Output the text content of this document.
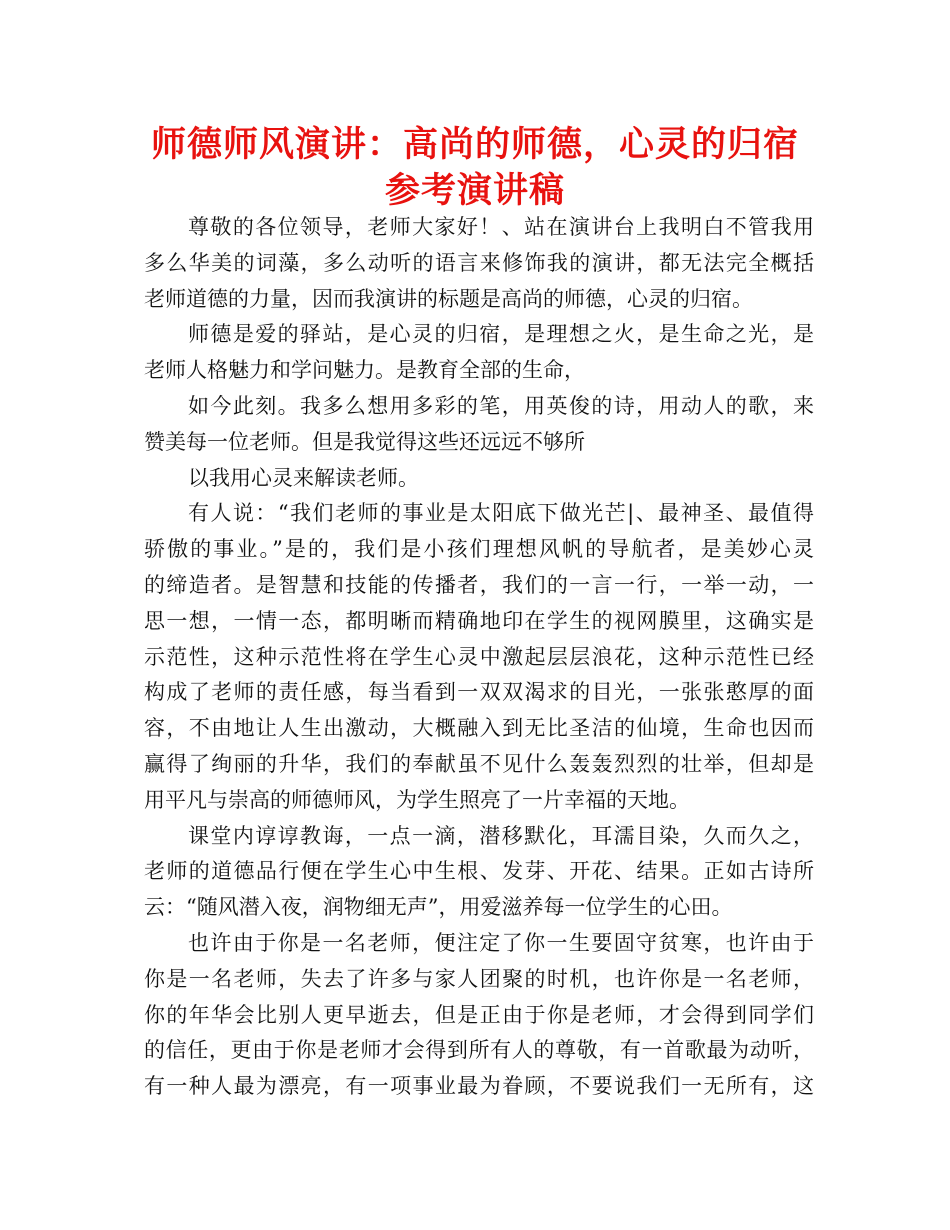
师德师风演讲：高尚的师德，心灵的归宿
参考演讲稿
尊敬的各位领导，老师大家好！、站在演讲台上我明白不管我用
多么华美的词藻，多么动听的语言来修饰我的演讲，都无法完全概括
老师道德的力量，因而我演讲的标题是高尚的师德，心灵的归宿。
师德是爱的驿站，是心灵的归宿，是理想之火，是生命之光，是
老师人格魅力和学问魅力。是教育全部的生命，
如今此刻。我多么想用多彩的笔，用英俊的诗，用动人的歌，来
赞美每一位老师。但是我觉得这些还远远不够所
以我用心灵来解读老师。
有人说：“我们老师的事业是太阳底下做光芒|、最神圣、最值得
骄傲的事业。”是的，我们是小孩们理想风帆的导航者，是美妙心灵
的缔造者。是智慧和技能的传播者，我们的一言一行，一举一动，一
思一想，一情一态，都明晰而精确地印在学生的视网膜里，这确实是
示范性，这种示范性将在学生心灵中激起层层浪花，这种示范性已经
构成了老师的责任感，每当看到一双双渴求的目光，一张张憨厚的面
容，不由地让人生出激动，大概融入到无比圣洁的仙境，生命也因而
赢得了绚丽的升华，我们的奉献虽不见什么轰轰烈烈的壮举，但却是
用平凡与崇高的师德师风，为学生照亮了一片幸福的天地。
课堂内谆谆教诲，一点一滴，潜移默化，耳濡目染，久而久之，
老师的道德品行便在学生心中生根、发芽、开花、结果。正如古诗所
云：“随风潜入夜，润物细无声”，用爱滋养每一位学生的心田。
也许由于你是一名老师，便注定了你一生要固守贫寒，也许由于
你是一名老师，失去了许多与家人团聚的时机，也许你是一名老师，
你的年华会比别人更早逝去，但是正由于你是老师，才会得到同学们
的信任，更由于你是老师才会得到所有人的尊敬，有一首歌最为动听，
有一种人最为漂亮，有一项事业最为眷顾，不要说我们一无所有，这
